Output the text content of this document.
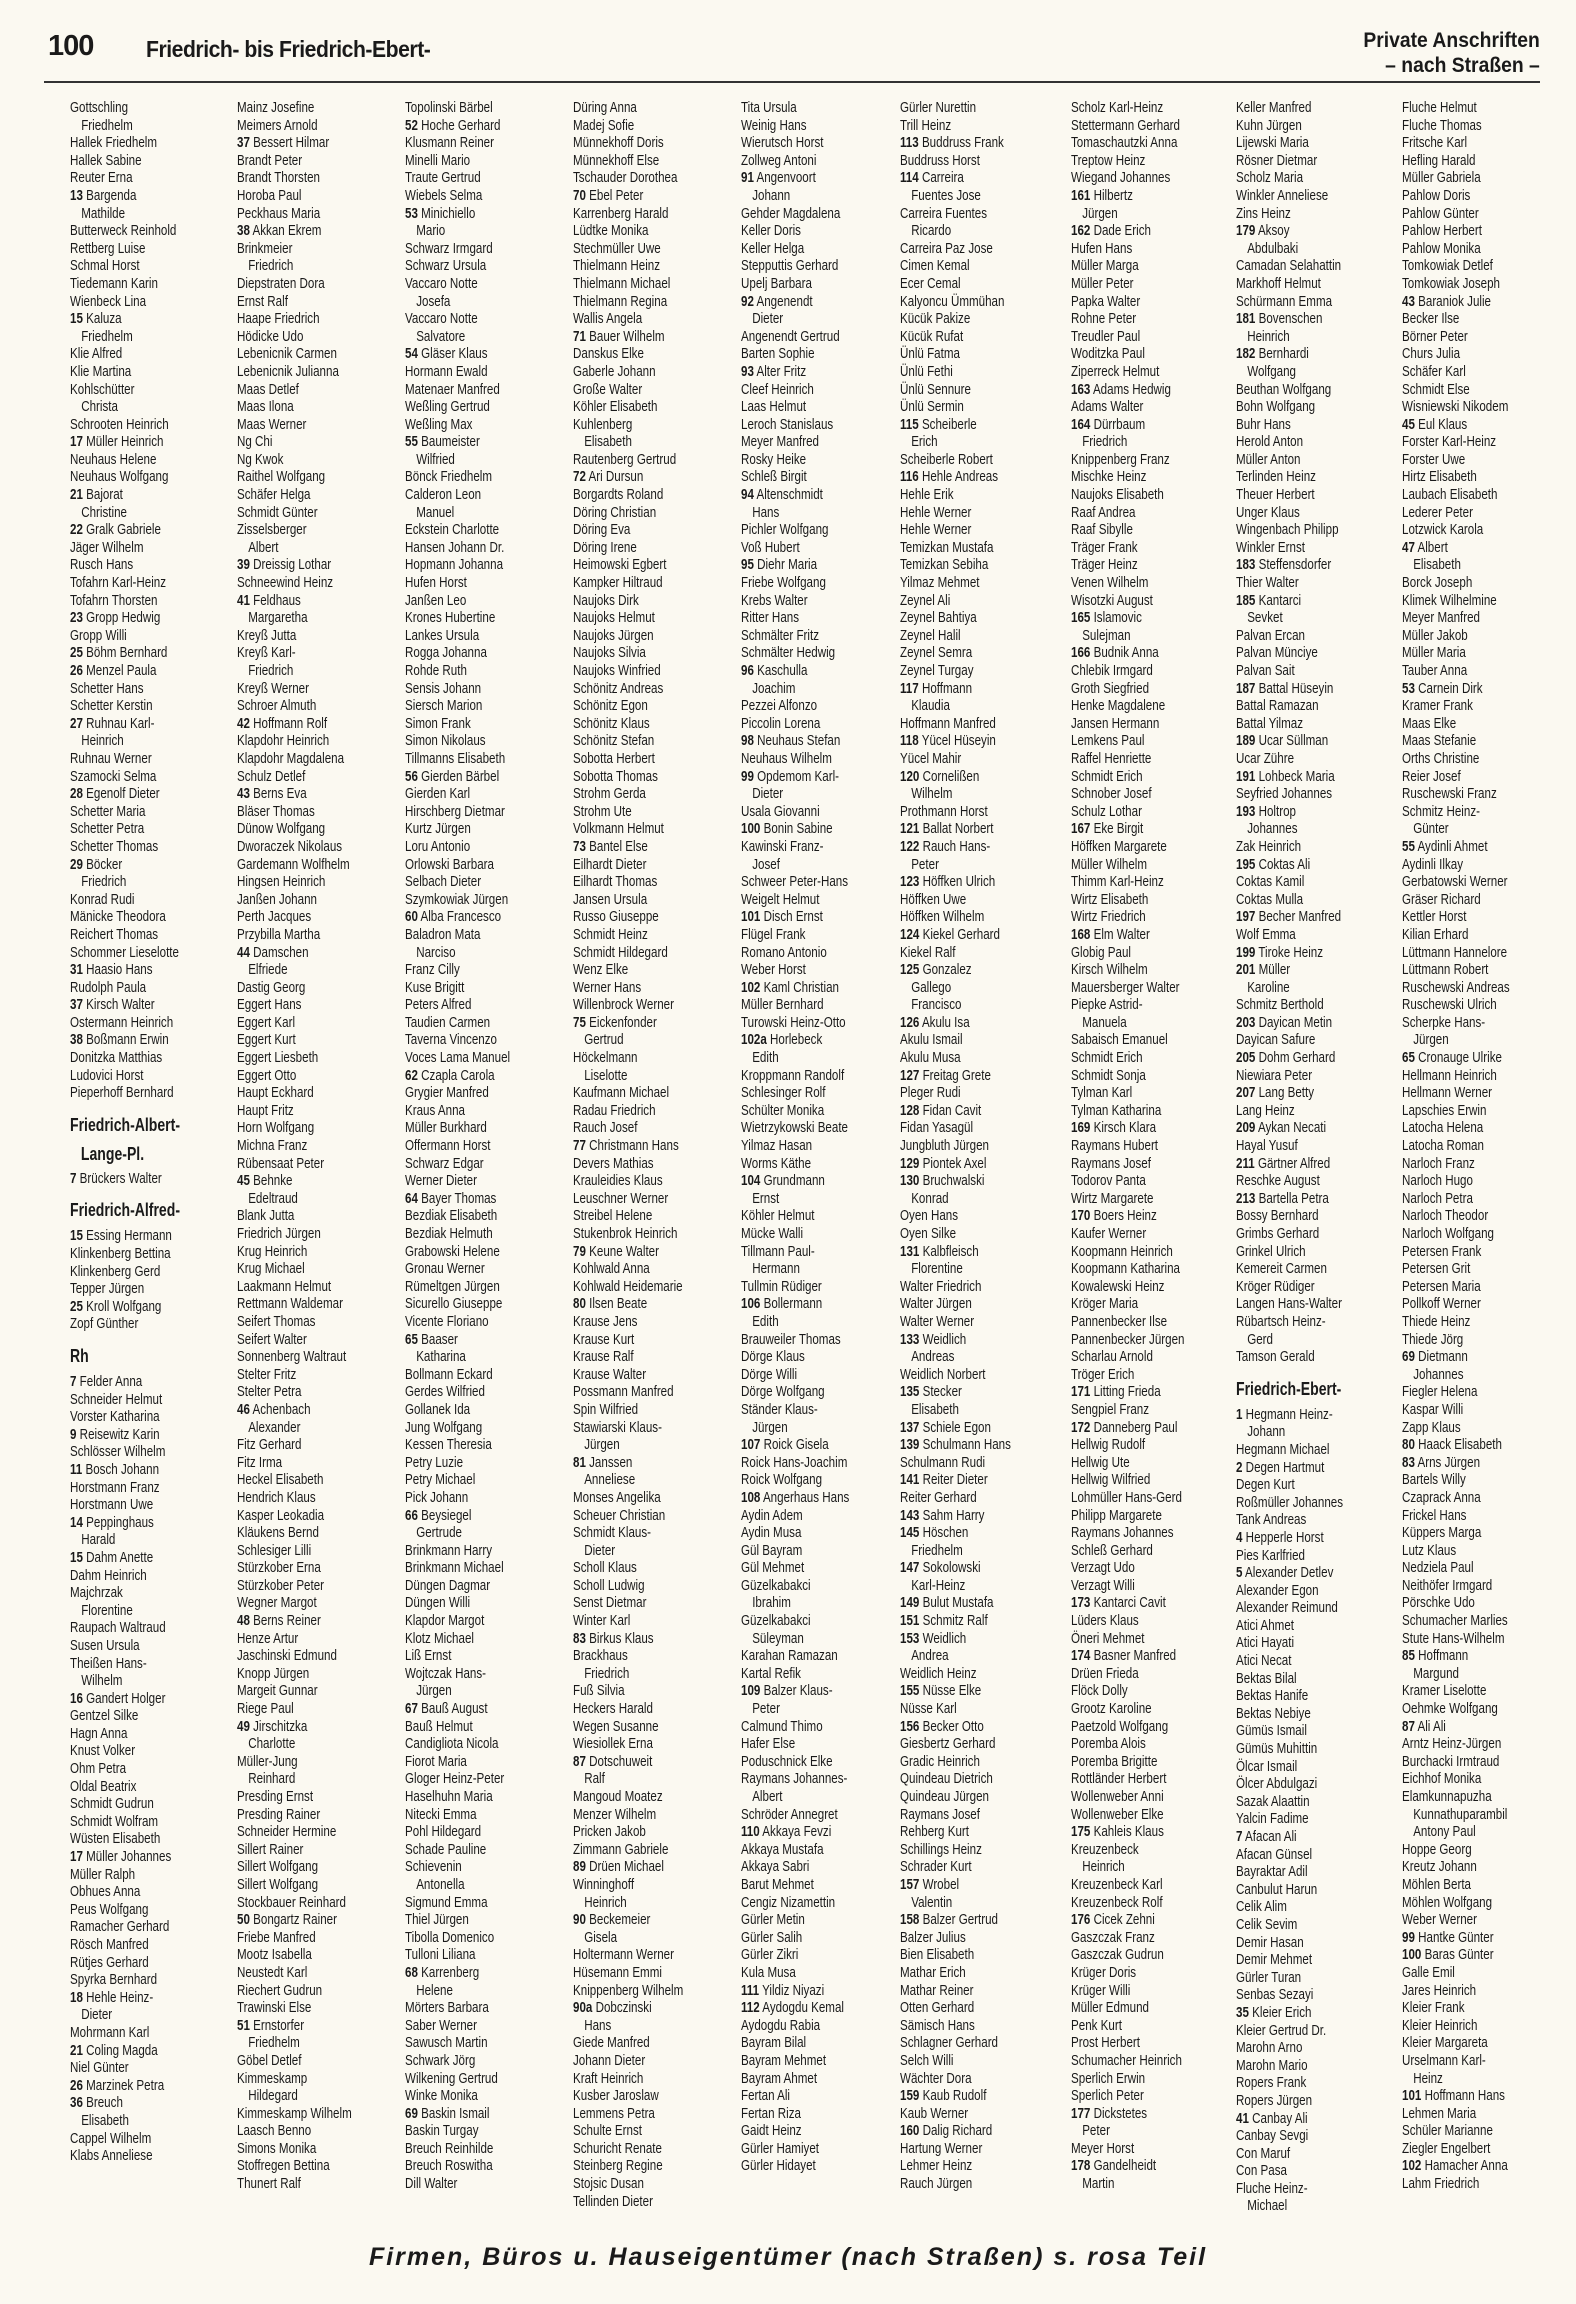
100 Friedrich- bis Friedrich-Ebert-	Private Anschriften
– nach Straßen –
Gottschling
Friedhelm
Hallek Friedhelm
Hallek Sabine
Reuter Erna
13 Bargenda
Mathilde
Butterweck Reinhold
Rettberg Luise
Schmal Horst
Tiedemann Karin
Wienbeck Lina
15 Kaluza
Friedhelm
Klie Alfred
Klie Martina
Kohlschütter
Christa
Schrooten Heinrich
17 Müller Heinrich
Neuhaus Helene
Neuhaus Wolfgang
21 Bajorat
Christine
22 Gralk Gabriele
Jäger Wilhelm
Rusch Hans
Tofahrn Karl-Heinz
Tofahrn Thorsten
23 Gropp Hedwig
Gropp Willi
25 Böhm Bernhard
26 Menzel Paula
Schetter Hans
Schetter Kerstin
27 Ruhnau Karl-
Heinrich
Ruhnau Werner
Szamocki Selma
28 Egenolf Dieter
Schetter Maria
Schetter Petra
Schetter Thomas
29 Böcker
Friedrich
Konrad Rudi
Mänicke Theodora
Reichert Thomas
Schommer Lieselotte
31 Haasio Hans
Rudolph Paula
37 Kirsch Walter
Ostermann Heinrich
38 Boßmann Erwin
Donitzka Matthias
Ludovici Horst
Pieperhoff Bernhard
Friedrich-Albert-
Lange-Pl.
7 Brückers Walter
Friedrich-Alfred-
15 Essing Hermann
Klinkenberg Bettina
Klinkenberg Gerd
Tepper Jürgen
25 Kroll Wolfgang
Zopf Günther
Rh
7 Felder Anna
Schneider Helmut
Vorster Katharina
9 Reisewitz Karin
Schlösser Wilhelm
11 Bosch Johann
Horstmann Franz
Horstmann Uwe
14 Peppinghaus
Harald
15 Dahm Anette
Dahm Heinrich
Majchrzak
Florentine
Raupach Waltraud
Susen Ursula
Theißen Hans-
Wilhelm
16 Gandert Holger
Gentzel Silke
Hagn Anna
Knust Volker
Ohm Petra
Oldal Beatrix
Schmidt Gudrun
Schmidt Wolfram
Wüsten Elisabeth
17 Müller Johannes
Müller Ralph
Obhues Anna
Peus Wolfgang
Ramacher Gerhard
Rösch Manfred
Rütjes Gerhard
Spyrka Bernhard
18 Hehle Heinz-
Dieter
Mohrmann Karl
21 Coling Magda
Niel Günter
26 Marzinek Petra
36 Breuch
Elisabeth
Cappel Wilhelm
Klabs Anneliese
Mainz Josefine
Meimers Arnold
37 Bessert Hilmar
Brandt Peter
Brandt Thorsten
Horoba Paul
Peckhaus Maria
38 Akkan Ekrem
Brinkmeier
Friedrich
Diepstraten Dora
Ernst Ralf
Haape Friedrich
Hödicke Udo
Lebenicnik Carmen
Lebenicnik Julianna
Maas Detlef
Maas Ilona
Maas Werner
Ng Chi
Ng Kwok
Raithel Wolfgang
Schäfer Helga
Schmidt Günter
Zisselsberger
Albert
39 Dreissig Lothar
Schneewind Heinz
41 Feldhaus
Margaretha
Kreyß Jutta
Kreyß Karl-
Friedrich
Kreyß Werner
Schroer Almuth
42 Hoffmann Rolf
Klapdohr Heinrich
Klapdohr Magdalena
Schulz Detlef
43 Berns Eva
Bläser Thomas
Dünow Wolfgang
Dworaczek Nikolaus
Gardemann Wolfhelm
Hingsen Heinrich
Janßen Johann
Perth Jacques
Przybilla Martha
44 Damschen
Elfriede
Dastig Georg
Eggert Hans
Eggert Karl
Eggert Kurt
Eggert Liesbeth
Eggert Otto
Haupt Eckhard
Haupt Fritz
Horn Wolfgang
Michna Franz
Rübensaat Peter
45 Behnke
Edeltraud
Blank Jutta
Friedrich Jürgen
Krug Heinrich
Krug Michael
Laakmann Helmut
Rettmann Waldemar
Seifert Thomas
Seifert Walter
Sonnenberg Waltraut
Stelter Fritz
Stelter Petra
46 Achenbach
Alexander
Fitz Gerhard
Fitz Irma
Heckel Elisabeth
Hendrich Klaus
Kasper Leokadia
Kläukens Bernd
Schlesiger Lilli
Stürzkober Erna
Stürzkober Peter
Wegner Margot
48 Berns Reiner
Henze Artur
Jaschinski Edmund
Knopp Jürgen
Margeit Gunnar
Riege Paul
49 Jirschitzka
Charlotte
Müller-Jung
Reinhard
Presding Ernst
Presding Rainer
Schneider Hermine
Sillert Rainer
Sillert Wolfgang
Sillert Wolfgang
Stockbauer Reinhard
50 Bongartz Rainer
Friebe Manfred
Mootz Isabella
Neustedt Karl
Riechert Gudrun
Trawinski Else
51 Ernstorfer
Friedhelm
Göbel Detlef
Kimmeskamp
Hildegard
Kimmeskamp Wilhelm
Laasch Benno
Simons Monika
Stoffregen Bettina
Thunert Ralf
Topolinski Bärbel
52 Hoche Gerhard
Klusmann Reiner
Minelli Mario
Traute Gertrud
Wiebels Selma
53 Minichiello
Mario
Schwarz Irmgard
Schwarz Ursula
Vaccaro Notte
Josefa
Vaccaro Notte
Salvatore
54 Gläser Klaus
Hormann Ewald
Matenaer Manfred
Weßling Gertrud
Weßling Max
55 Baumeister
Wilfried
Bönck Friedhelm
Calderon Leon
Manuel
Eckstein Charlotte
Hansen Johann Dr.
Hopmann Johanna
Hufen Horst
Janßen Leo
Krones Hubertine
Lankes Ursula
Rogga Johanna
Rohde Ruth
Sensis Johann
Siersch Marion
Simon Frank
Simon Nikolaus
Tillmanns Elisabeth
56 Gierden Bärbel
Gierden Karl
Hirschberg Dietmar
Kurtz Jürgen
Loru Antonio
Orlowski Barbara
Selbach Dieter
Szymkowiak Jürgen
60 Alba Francesco
Baladron Mata
Narciso
Franz Cilly
Kuse Brigitt
Peters Alfred
Taudien Carmen
Taverna Vincenzo
Voces Lama Manuel
62 Czapla Carola
Grygier Manfred
Kraus Anna
Müller Burkhard
Offermann Horst
Schwarz Edgar
Werner Dieter
64 Bayer Thomas
Bezdiak Elisabeth
Bezdiak Helmuth
Grabowski Helene
Gronau Werner
Rümeltgen Jürgen
Sicurello Giuseppe
Vicente Floriano
65 Baaser
Katharina
Bollmann Eckard
Gerdes Wilfried
Gollanek Ida
Jung Wolfgang
Kessen Theresia
Petry Luzie
Petry Michael
Pick Johann
66 Beysiegel
Gertrude
Brinkmann Harry
Brinkmann Michael
Düngen Dagmar
Düngen Willi
Klapdor Margot
Klotz Michael
Liß Ernst
Wojtczak Hans-
Jürgen
67 Bauß August
Bauß Helmut
Candigliota Nicola
Fiorot Maria
Gloger Heinz-Peter
Haselhuhn Maria
Nitecki Emma
Pohl Hildegard
Schade Pauline
Schievenin
Antonella
Sigmund Emma
Thiel Jürgen
Tibolla Domenico
Tulloni Liliana
68 Karrenberg
Helene
Mörters Barbara
Saber Werner
Sawusch Martin
Schwark Jörg
Wilkening Gertrud
Winke Monika
69 Baskin Ismail
Baskin Turgay
Breuch Reinhilde
Breuch Roswitha
Dill Walter
Düring Anna
Madej Sofie
Münnekhoff Doris
Münnekhoff Else
Tschauder Dorothea
70 Ebel Peter
Karrenberg Harald
Lüdtke Monika
Stechmüller Uwe
Thielmann Heinz
Thielmann Michael
Thielmann Regina
Wallis Angela
71 Bauer Wilhelm
Danskus Elke
Gaberle Johann
Große Walter
Köhler Elisabeth
Kuhlenberg
Elisabeth
Rautenberg Gertrud
72 Ari Dursun
Borgardts Roland
Döring Christian
Döring Eva
Döring Irene
Heimowski Egbert
Kampker Hiltraud
Naujoks Dirk
Naujoks Helmut
Naujoks Jürgen
Naujoks Silvia
Naujoks Winfried
Schönitz Andreas
Schönitz Egon
Schönitz Klaus
Schönitz Stefan
Sobotta Herbert
Sobotta Thomas
Strohm Gerda
Strohm Ute
Volkmann Helmut
73 Bantel Else
Eilhardt Dieter
Eilhardt Thomas
Jansen Ursula
Russo Giuseppe
Schmidt Heinz
Schmidt Hildegard
Wenz Elke
Werner Hans
Willenbrock Werner
75 Eickenfonder
Gertrud
Höckelmann
Liselotte
Kaufmann Michael
Radau Friedrich
Rauch Josef
77 Christmann Hans
Devers Mathias
Krauleidies Klaus
Leuschner Werner
Streibel Helene
Stukenbrok Heinrich
79 Keune Walter
Kohlwald Anna
Kohlwald Heidemarie
80 Ilsen Beate
Krause Jens
Krause Kurt
Krause Ralf
Krause Walter
Possmann Manfred
Spin Wilfried
Stawiarski Klaus-
Jürgen
81 Janssen
Anneliese
Monses Angelika
Scheuer Christian
Schmidt Klaus-
Dieter
Scholl Klaus
Scholl Ludwig
Senst Dietmar
Winter Karl
83 Birkus Klaus
Brackhaus
Friedrich
Fuß Silvia
Heckers Harald
Wegen Susanne
Wiesiollek Erna
87 Dotschuweit
Ralf
Mangoud Moatez
Menzer Wilhelm
Pricken Jakob
Zimmann Gabriele
89 Drüen Michael
Winninghoff
Heinrich
90 Beckemeier
Gisela
Holtermann Werner
Hüsemann Emmi
Knippenberg Wilhelm
90a Dobczinski
Hans
Giede Manfred
Johann Dieter
Kraft Heinrich
Kusber Jaroslaw
Lemmens Petra
Schulte Ernst
Schuricht Renate
Steinberg Regine
Stojsic Dusan
Tellinden Dieter
Tita Ursula
Weinig Hans
Wierutsch Horst
Zollweg Antoni
91 Angenvoort
Johann
Gehder Magdalena
Keller Doris
Keller Helga
Stepputtis Gerhard
Upelj Barbara
92 Angenendt
Dieter
Angenendt Gertrud
Barten Sophie
93 Alter Fritz
Cleef Heinrich
Laas Helmut
Leroch Stanislaus
Meyer Manfred
Rosky Heike
Schleß Birgit
94 Altenschmidt
Hans
Pichler Wolfgang
Voß Hubert
95 Diehr Maria
Friebe Wolfgang
Krebs Walter
Ritter Hans
Schmälter Fritz
Schmälter Hedwig
96 Kaschulla
Joachim
Pezzei Alfonzo
Piccolin Lorena
98 Neuhaus Stefan
Neuhaus Wilhelm
99 Opdemom Karl-
Dieter
Usala Giovanni
100 Bonin Sabine
Kawinski Franz-
Josef
Schweer Peter-Hans
Weigelt Helmut
101 Disch Ernst
Flügel Frank
Romano Antonio
Weber Horst
102 Kaml Christian
Müller Bernhard
Turowski Heinz-Otto
102a Horlebeck
Edith
Kroppmann Randolf
Schlesinger Rolf
Schülter Monika
Wietrzykowski Beate
Yilmaz Hasan
Worms Käthe
104 Grundmann
Ernst
Köhler Helmut
Mücke Walli
Tillmann Paul-
Hermann
Tullmin Rüdiger
106 Bollermann
Edith
Brauweiler Thomas
Dörge Klaus
Dörge Willi
Dörge Wolfgang
Ständer Klaus-
Jürgen
107 Roick Gisela
Roick Hans-Joachim
Roick Wolfgang
108 Angerhaus Hans
Aydin Adem
Aydin Musa
Gül Bayram
Gül Mehmet
Güzelkabakci
Ibrahim
Güzelkabakci
Süleyman
Karahan Ramazan
Kartal Refik
109 Balzer Klaus-
Peter
Calmund Thimo
Hafer Else
Poduschnick Elke
Raymans Johannes-
Albert
Schröder Annegret
110 Akkaya Fevzi
Akkaya Mustafa
Akkaya Sabri
Barut Mehmet
Cengiz Nizamettin
Gürler Metin
Gürler Salih
Gürler Zikri
Kula Musa
111 Yildiz Niyazi
112 Aydogdu Kemal
Aydogdu Rabia
Bayram Bilal
Bayram Mehmet
Bayram Ahmet
Fertan Ali
Fertan Riza
Gaidt Heinz
Gürler Hamiyet
Gürler Hidayet
Gürler Nurettin
Trill Heinz
113 Buddruss Frank
Buddruss Horst
114 Carreira
Fuentes Jose
Carreira Fuentes
Ricardo
Carreira Paz Jose
Cimen Kemal
Ecer Cemal
Kalyoncu Ümmühan
Kücük Pakize
Kücük Rufat
Ünlü Fatma
Ünlü Fethi
Ünlü Sennure
Ünlü Sermin
115 Scheiberle
Erich
Scheiberle Robert
116 Hehle Andreas
Hehle Erik
Hehle Werner
Hehle Werner
Temizkan Mustafa
Temizkan Sebiha
Yilmaz Mehmet
Zeynel Ali
Zeynel Bahtiya
Zeynel Halil
Zeynel Semra
Zeynel Turgay
117 Hoffmann
Klaudia
Hoffmann Manfred
118 Yücel Hüseyin
Yücel Mahir
120 Cornelißen
Wilhelm
Prothmann Horst
121 Ballat Norbert
122 Rauch Hans-
Peter
123 Höffken Ulrich
Höffken Uwe
Höffken Wilhelm
124 Kiekel Gerhard
Kiekel Ralf
125 Gonzalez
Gallego
Francisco
126 Akulu Isa
Akulu Ismail
Akulu Musa
127 Freitag Grete
Pleger Rudi
128 Fidan Cavit
Fidan Yasagül
Jungbluth Jürgen
129 Piontek Axel
130 Bruchwalski
Konrad
Oyen Hans
Oyen Silke
131 Kalbfleisch
Florentine
Walter Friedrich
Walter Jürgen
Walter Werner
133 Weidlich
Andreas
Weidlich Norbert
135 Stecker
Elisabeth
137 Schiele Egon
139 Schulmann Hans
Schulmann Rudi
141 Reiter Dieter
Reiter Gerhard
143 Sahm Harry
145 Höschen
Friedhelm
147 Sokolowski
Karl-Heinz
149 Bulut Mustafa
151 Schmitz Ralf
153 Weidlich
Andrea
Weidlich Heinz
155 Nüsse Elke
Nüsse Karl
156 Becker Otto
Giesbertz Gerhard
Gradic Heinrich
Quindeau Dietrich
Quindeau Jürgen
Raymans Josef
Rehberg Kurt
Schillings Heinz
Schrader Kurt
157 Wrobel
Valentin
158 Balzer Gertrud
Balzer Julius
Bien Elisabeth
Mathar Erich
Mathar Reiner
Otten Gerhard
Sämisch Hans
Schlagner Gerhard
Selch Willi
Wächter Dora
159 Kaub Rudolf
Kaub Werner
160 Dalig Richard
Hartung Werner
Lehmer Heinz
Rauch Jürgen
Scholz Karl-Heinz
Stettermann Gerhard
Tomaschautzki Anna
Treptow Heinz
Wiegand Johannes
161 Hilbertz
Jürgen
162 Dade Erich
Hufen Hans
Müller Marga
Müller Peter
Papka Walter
Rohne Peter
Treudler Paul
Woditzka Paul
Ziperreck Helmut
163 Adams Hedwig
Adams Walter
164 Dürrbaum
Friedrich
Knippenberg Franz
Mischke Heinz
Naujoks Elisabeth
Raaf Andrea
Raaf Sibylle
Träger Frank
Träger Heinz
Venen Wilhelm
Wisotzki August
165 Islamovic
Sulejman
166 Budnik Anna
Chlebik Irmgard
Groth Siegfried
Henke Magdalene
Jansen Hermann
Lemkens Paul
Raffel Henriette
Schmidt Erich
Schnober Josef
Schulz Lothar
167 Eke Birgit
Höffken Margarete
Müller Wilhelm
Thimm Karl-Heinz
Wirtz Elisabeth
Wirtz Friedrich
168 Elm Walter
Globig Paul
Kirsch Wilhelm
Mauersberger Walter
Piepke Astrid-
Manuela
Sabaisch Emanuel
Schmidt Erich
Schmidt Sonja
Tylman Karl
Tylman Katharina
169 Kirsch Klara
Raymans Hubert
Raymans Josef
Todorov Panta
Wirtz Margarete
170 Boers Heinz
Kaufer Werner
Koopmann Heinrich
Koopmann Katharina
Kowalewski Heinz
Kröger Maria
Pannenbecker Ilse
Pannenbecker Jürgen
Scharlau Arnold
Tröger Erich
171 Litting Frieda
Sengpiel Franz
172 Danneberg Paul
Hellwig Rudolf
Hellwig Ute
Hellwig Wilfried
Lohmüller Hans-Gerd
Philipp Margarete
Raymans Johannes
Schleß Gerhard
Verzagt Udo
Verzagt Willi
173 Kantarci Cavit
Lüders Klaus
Öneri Mehmet
174 Basner Manfred
Drüen Frieda
Flöck Dolly
Grootz Karoline
Paetzold Wolfgang
Poremba Alois
Poremba Brigitte
Rottländer Herbert
Wollenweber Anni
Wollenweber Elke
175 Kahleis Klaus
Kreuzenbeck
Heinrich
Kreuzenbeck Karl
Kreuzenbeck Rolf
176 Cicek Zehni
Gaszczak Franz
Gaszczak Gudrun
Krüger Doris
Krüger Willi
Müller Edmund
Penk Kurt
Prost Herbert
Schumacher Heinrich
Sperlich Erwin
Sperlich Peter
177 Dickstetes
Peter
Meyer Horst
178 Gandelheidt
Martin
Keller Manfred
Kuhn Jürgen
Lijewski Maria
Rösner Dietmar
Scholz Maria
Winkler Anneliese
Zins Heinz
179 Aksoy
Abdulbaki
Camadan Selahattin
Markhoff Helmut
Schürmann Emma
181 Bovenschen
Heinrich
182 Bernhardi
Wolfgang
Beuthan Wolfgang
Bohn Wolfgang
Buhr Hans
Herold Anton
Müller Anton
Terlinden Heinz
Theuer Herbert
Unger Klaus
Wingenbach Philipp
Winkler Ernst
183 Steffensdorfer
Thier Walter
185 Kantarci
Sevket
Palvan Ercan
Palvan Münciye
Palvan Sait
187 Battal Hüseyin
Battal Ramazan
Battal Yilmaz
189 Ucar Süllman
Ucar Zühre
191 Lohbeck Maria
Seyfried Johannes
193 Holtrop
Johannes
Zak Heinrich
195 Coktas Ali
Coktas Kamil
Coktas Mulla
197 Becher Manfred
Wolf Emma
199 Tiroke Heinz
201 Müller
Karoline
Schmitz Berthold
203 Dayican Metin
Dayican Safure
205 Dohm Gerhard
Niewiara Peter
207 Lang Betty
Lang Heinz
209 Aykan Necati
Hayal Yusuf
211 Gärtner Alfred
Reschke August
213 Bartella Petra
Bossy Bernhard
Grimbs Gerhard
Grinkel Ulrich
Kemereit Carmen
Kröger Rüdiger
Langen Hans-Walter
Rübartsch Heinz-
Gerd
Tamson Gerald
Friedrich-Ebert-
1 Hegmann Heinz-
Johann
Hegmann Michael
2 Degen Hartmut
Degen Kurt
Roßmüller Johannes
Tank Andreas
4 Hepperle Horst
Pies Karlfried
5 Alexander Detlev
Alexander Egon
Alexander Reimund
Atici Ahmet
Atici Hayati
Atici Necat
Bektas Bilal
Bektas Hanife
Bektas Nebiye
Gümüs Ismail
Gümüs Muhittin
Ölcar Ismail
Ölcer Abdulgazi
Sazak Alaattin
Yalcin Fadime
7 Afacan Ali
Afacan Günsel
Bayraktar Adil
Canbulut Harun
Celik Alim
Celik Sevim
Demir Hasan
Demir Mehmet
Gürler Turan
Senbas Sezayi
35 Kleier Erich
Kleier Gertrud Dr.
Marohn Arno
Marohn Mario
Ropers Frank
Ropers Jürgen
41 Canbay Ali
Canbay Sevgi
Con Maruf
Con Pasa
Fluche Heinz-
Michael
Fluche Helmut
Fluche Thomas
Fritsche Karl
Hefling Harald
Müller Gabriela
Pahlow Doris
Pahlow Günter
Pahlow Herbert
Pahlow Monika
Tomkowiak Detlef
Tomkowiak Joseph
43 Baraniok Julie
Becker Ilse
Börner Peter
Churs Julia
Schäfer Karl
Schmidt Else
Wisniewski Nikodem
45 Eul Klaus
Forster Karl-Heinz
Forster Uwe
Hirtz Elisabeth
Laubach Elisabeth
Lederer Peter
Lotzwick Karola
47 Albert
Elisabeth
Borck Joseph
Klimek Wilhelmine
Meyer Manfred
Müller Jakob
Müller Maria
Tauber Anna
53 Carnein Dirk
Kramer Frank
Maas Elke
Maas Stefanie
Orths Christine
Reier Josef
Ruschewski Franz
Schmitz Heinz-
Günter
55 Aydinli Ahmet
Aydinli Ilkay
Gerbatowski Werner
Gräser Richard
Kettler Horst
Kilian Erhard
Lüttmann Hannelore
Lüttmann Robert
Ruschewski Andreas
Ruschewski Ulrich
Scherpke Hans-
Jürgen
65 Cronauge Ulrike
Hellmann Heinrich
Hellmann Werner
Lapschies Erwin
Latocha Helena
Latocha Roman
Narloch Franz
Narloch Hugo
Narloch Petra
Narloch Theodor
Narloch Wolfgang
Petersen Frank
Petersen Grit
Petersen Maria
Pollkoff Werner
Thiede Heinz
Thiede Jörg
69 Dietmann
Johannes
Fiegler Helena
Kaspar Willi
Zapp Klaus
80 Haack Elisabeth
83 Arns Jürgen
Bartels Willy
Czaprack Anna
Frickel Hans
Küppers Marga
Lutz Klaus
Nedziela Paul
Neithöfer Irmgard
Pörschke Udo
Schumacher Marlies
Stute Hans-Wilhelm
85 Hoffmann
Margund
Kramer Liselotte
Oehmke Wolfgang
87 Ali Ali
Arntz Heinz-Jürgen
Burchacki Irmtraud
Eichhof Monika
Elamkunnapuzha
Kunnathuparambil
Antony Paul
Hoppe Georg
Kreutz Johann
Möhlen Berta
Möhlen Wolfgang
Weber Werner
99 Hantke Günter
100 Baras Günter
Galle Emil
Jares Heinrich
Kleier Frank
Kleier Heinrich
Kleier Margareta
Urselmann Karl-
Heinz
101 Hoffmann Hans
Lehmen Maria
Schüler Marianne
Ziegler Engelbert
102 Hamacher Anna
Lahm Friedrich
Firmen, Büros u. Hauseigentümer (nach Straßen) s. rosa Teil
